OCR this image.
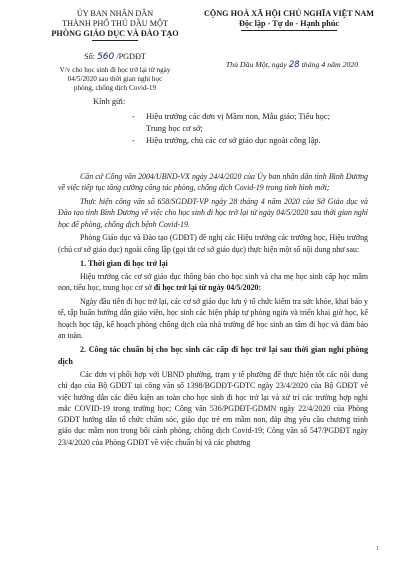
ỦY BAN NHÂN DÂN
THÀNH PHỐ THỦ DẦU MỘT
PHÒNG GIÁO DỤC VÀ ĐÀO TẠO
CỘNG HOÀ XÃ HỘI CHỦ NGHĨA VIỆT NAM
Độc lập - Tự do - Hạnh phúc
Số: 560 /PGDĐT
V/v cho học sinh đi học trở lại từ ngày
04/5/2020 sau thời gian nghỉ học
phòng, chống dịch Covid-19
Thủ Dầu Một, ngày 28 tháng 4 năm 2020
Kính gửi:
-	Hiệu trưởng các đơn vị Mầm non, Mẫu giáo; Tiểu học;
Trung học cơ sở;
-	Hiệu trưởng, chủ các cơ sở giáo dục ngoài công lập.

Căn cứ Công văn 2004/UBND-VX ngày 24/4/2020 của Ủy ban nhân dân tỉnh Bình Dương về việc tiếp tục tăng cường công tác phòng, chống dịch Covid-19 trong tình hình mới;

Thực hiện công văn số 658/SGDĐT-VP ngày 28 tháng 4 năm 2020 của Sở Giáo dục và Đào tạo tỉnh Bình Dương về việc cho học sinh đi học trở lại từ ngày 04/5/2020 sau thời gian nghỉ học để phòng, chống dịch bệnh Covid-19.

Phòng Giáo dục và Đào tạo (GDĐT) đề nghị các Hiệu trưởng các trường học, Hiệu trưởng (chủ cơ sở giáo dục) ngoài công lập (gọi tắt cơ sở giáo dục) thực hiện một số nội dung như sau:

1. Thời gian đi học trở lại

Hiệu trưởng các cơ sở giáo dục thông báo cho học sinh và cha mẹ học sinh cấp học mầm non, tiểu học, trung học cơ sở đi học trở lại từ ngày 04/5/2020:

Ngày đầu tiên đi học trở lại, các cơ sở giáo dục lưu ý tổ chức kiểm tra sức khỏe, khai báo y tế, tập huấn hướng dẫn giáo viên, học sinh các biện pháp tự phòng ngừa và triển khai giờ học, kế hoạch học tập, kế hoạch phòng chống dịch của nhà trường để học sinh an tâm đi học và đảm bảo an toàn.

2. Công tác chuẩn bị cho học sinh các cấp đi học trở lại sau thời gian nghỉ phòng dịch

Các đơn vị phối hợp với UBND phường, trạm y tế phường để thực hiện tốt các nội dung chỉ đạo của Bộ GDĐT tại công văn số 1398/BGDĐT-GDTC ngày 23/4/2020 của Bộ GDĐT về việc hướng dẫn các điều kiện an toàn cho học sinh đi học trở lại và xử trí các trường hợp nghi mắc COVID-19 trong trường học; Công văn 536/PGDĐT-GDMN ngày 22/4/2020 của Phòng GDĐT hướng dẫn tổ chức chăm sóc, giáo dục trẻ em mầm non, đáp ứng yêu cầu chương trình giáo dục mầm non trong bối cảnh phòng, chống dịch Covid-19; Công văn số 547/PGDĐT ngày 23/4/2020 của Phòng GDĐT về việc chuẩn bị và các phương

1
